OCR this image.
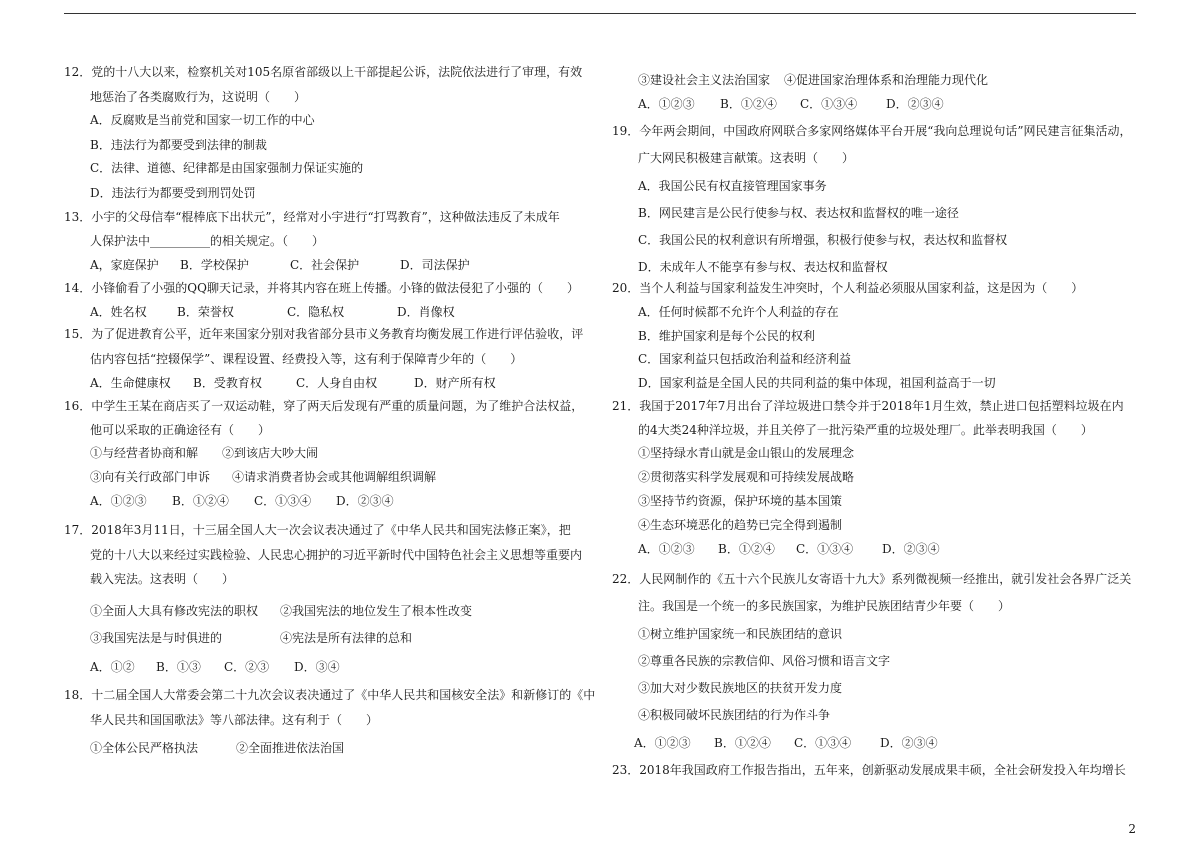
12．党的十八大以来，检察机关对105名原省部级以上干部提起公诉，法院依法进行了审理，有效
地惩治了各类腐败行为，这说明（　　）
A．反腐败是当前党和国家一切工作的中心
B．违法行为都要受到法律的制裁
C．法律、道德、纪律都是由国家强制力保证实施的
D．违法行为都要受到刑罚处罚
13．小宇的父母信奉“棍棒底下出状元”，经常对小宇进行“打骂教育”，这种做法违反了未成年
人保护法中__________的相关规定。（　　）
A，家庭保护	B．学校保护	C．社会保护	D．司法保护
14．小锋偷看了小强的QQ聊天记录，并将其内容在班上传播。小锋的做法侵犯了小强的（　　）
A．姓名权	B．荣誉权	C．隐私权	D．肖像权
15．为了促进教育公平，近年来国家分别对我省部分县市义务教育均衡发展工作进行评估验收，评
估内容包括“控辍保学”、课程设置、经费投入等，这有利于保障青少年的（　　）
A．生命健康权	B．受教育权	C．人身自由权	D．财产所有权
16．中学生王某在商店买了一双运动鞋，穿了两天后发现有严重的质量问题，为了维护合法权益，
他可以采取的正确途径有（　　）
①与经营者协商和解	②到该店大吵大闹
③向有关行政部门申诉	④请求消费者协会或其他调解组织调解
A．①②③	B．①②④	C．①③④	D．②③④
17．2018年3月11日，十三届全国人大一次会议表决通过了《中华人民共和国宪法修正案》，把
党的十八大以来经过实践检验、人民忠心拥护的习近平新时代中国特色社会主义思想等重要内
载入宪法。这表明（　　）
①全面人大具有修改宪法的职权	②我国宪法的地位发生了根本性改变
③我国宪法是与时俱进的	④宪法是所有法律的总和
A．①②	B．①③	C．②③	D．③④
18．十二届全国人大常委会第二十九次会议表决通过了《中华人民共和国核安全法》和新修订的《中
华人民共和国国歌法》等八部法律。这有利于（　　）
①全体公民严格执法	②全面推进依法治国
③建设社会主义法治国家	④促进国家治理体系和治理能力现代化
A．①②③	B．①②④	C．①③④	D．②③④
19．今年两会期间，中国政府网联合多家网络媒体平台开展“我向总理说句话”网民建言征集活动，
广大网民积极建言献策。这表明（　　）
A．我国公民有权直接管理国家事务
B．网民建言是公民行使参与权、表达权和监督权的唯一途径
C．我国公民的权利意识有所增强，积极行使参与权，表达权和监督权
D．未成年人不能享有参与权、表达权和监督权
20．当个人利益与国家利益发生冲突时，个人利益必须服从国家利益，这是因为（　　）
A．任何时候都不允许个人利益的存在
B．维护国家利是每个公民的权利
C．国家利益只包括政治利益和经济利益
D．国家利益是全国人民的共同利益的集中体现，祖国利益高于一切
21．我国于2017年7月出台了洋垃圾进口禁令并于2018年1月生效，禁止进口包括塑料垃圾在内
的4大类24种洋垃圾，并且关停了一批污染严重的垃圾处理厂。此举表明我国（　　）
①坚持绿水青山就是金山银山的发展理念
②贯彻落实科学发展观和可持续发展战略
③坚持节约资源，保护环境的基本国策
④生态环境恶化的趋势已完全得到遏制
A．①②③	B．①②④	C．①③④	D．②③④
22．人民网制作的《五十六个民族儿女寄语十九大》系列微视频一经推出，就引发社会各界广泛关
注。我国是一个统一的多民族国家，为维护民族团结青少年要（　　）
①树立维护国家统一和民族团结的意识
②尊重各民族的宗教信仰、风俗习惯和语言文字
③加大对少数民族地区的扶贫开发力度
④积极同破坏民族团结的行为作斗争
A．①②③	B．①②④	C．①③④	D．②③④
23．2018年我国政府工作报告指出，五年来，创新驱动发展成果丰硕，全社会研发投入年均增长
2
